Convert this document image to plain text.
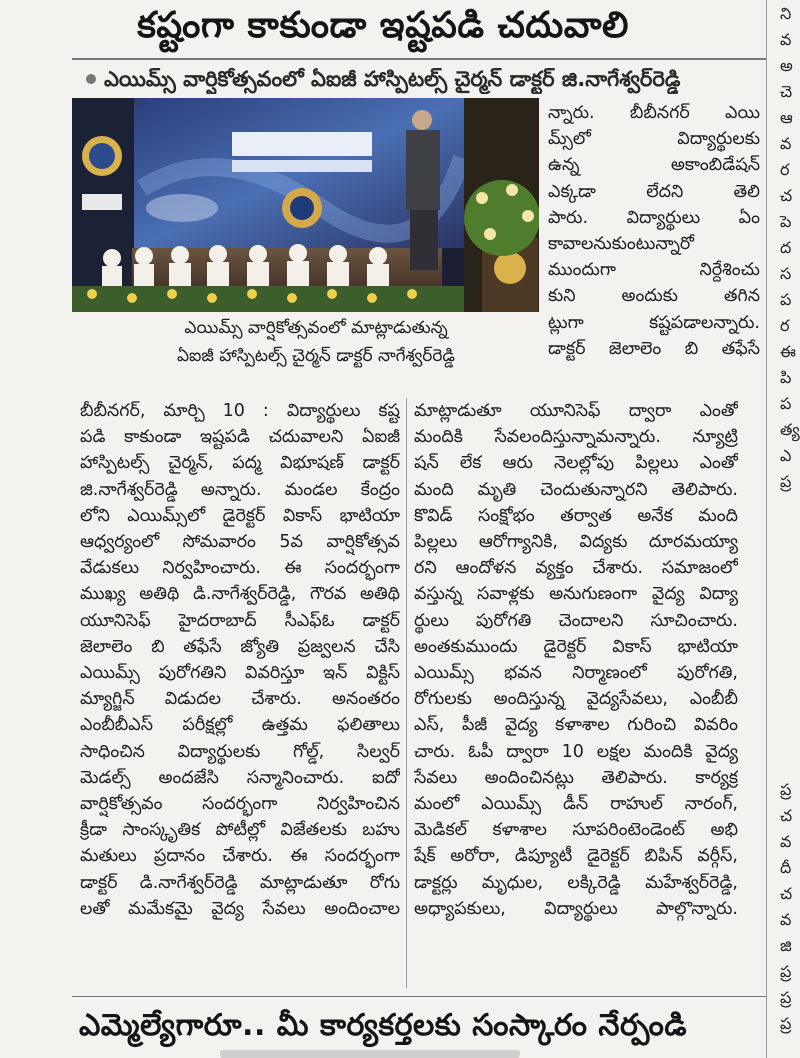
కష్టంగా కాకుండా ఇష్టపడి చదువాలి
ఎయిమ్స్ వార్షికోత్సవంలో ఏఐజీ హాస్పిటల్స్ చైర్మన్ డాక్టర్ జి.నాగేశ్వర్‌రెడ్డి
ఎయిమ్స్ వార్షికోత్సవంలో మాట్లాడుతున్న
ఏఐజీ హాస్పిటల్స్ చైర్మన్ డాక్టర్ నాగేశ్వర్‌రెడ్డి
న్నారు. బీబీనగర్ ఎయి
మ్స్‌లో విద్యార్థులకు
ఉన్న అకాంబిడేషన్
ఎక్కడా లేదని తెలి
పారు. విద్యార్థులు ఏం
కావాలనుకుంటున్నారో
ముందుగా నిర్దేశించు
కుని అందుకు తగిన
ట్లుగా కష్టపడాలన్నారు.
డాక్టర్ జెలాలెం బి తఫేసే
బీబీనగర్, మార్చి 10 : విద్యార్థులు కష్ట
పడి కాకుండా ఇష్టపడి చదువాలని ఏఐజీ
హాస్పిటల్స్ చైర్మన్, పద్మ విభూషణ్ డాక్టర్
జి.నాగేశ్వర్‌రెడ్డి అన్నారు. మండల కేంద్రం
లోని ఎయిమ్స్‌లో డైరెక్టర్ వికాస్ భాటియా
ఆధ్వర్యంలో సోమవారం 5వ వార్షికోత్సవ
వేడుకలు నిర్వహించారు. ఈ సందర్భంగా
ముఖ్య అతిథి డి.నాగేశ్వర్‌రెడ్డి, గౌరవ అతిథి
యూనిసెఫ్ హైదరాబాద్ సీఎఫ్ఓ డాక్టర్
జెలాలెం బి తఫేసే జ్యోతి ప్రజ్వలన చేసి
ఎయిమ్స్ పురోగతిని వివరిస్తూ ఇన్ విక్టిస్
మ్యాగ్జిన్ విడుదల చేశారు. అనంతరం
ఎంబీబీఎస్ పరీక్షల్లో ఉత్తమ ఫలితాలు
సాధించిన విద్యార్థులకు గోల్డ్, సిల్వర్
మెడల్స్ అందజేసి సన్మానించారు. ఐదో
వార్షికోత్సవం సందర్భంగా నిర్వహించిన
క్రీడా సాంస్కృతిక పోటీల్లో విజేతలకు బహు
మతులు ప్రదానం చేశారు. ఈ సందర్భంగా
డాక్టర్ డి.నాగేశ్వర్‌రెడ్డి మాట్లాడుతూ రోగు
లతో మమేకమై వైద్య సేవలు అందించాల
మాట్లాడుతూ యూనిసెఫ్ ద్వారా ఎంతో
మందికి సేవలందిస్తున్నామన్నారు. న్యూట్రి
షన్ లేక ఆరు నెలల్లోపు పిల్లలు ఎంతో
మంది మృతి చెందుతున్నారని తెలిపారు.
కొవిడ్ సంక్షోభం తర్వాత అనేక మంది
పిల్లలు ఆరోగ్యానికి, విద్యకు దూరమయ్యా
రని ఆందోళన వ్యక్తం చేశారు. సమాజంలో
వస్తున్న సవాళ్లకు అనుగుణంగా వైద్య విద్యా
ర్థులు పురోగతి చెందాలని సూచించారు.
అంతకుముందు డైరెక్టర్ వికాస్ భాటియా
ఎయిమ్స్ భవన నిర్మాణంలో పురోగతి,
రోగులకు అందిస్తున్న వైద్యసేవలు, ఎంబీబీ
ఎస్, పీజీ వైద్య కళాశాల గురించి వివరిం
చారు. ఓపీ ద్వారా 10 లక్షల మందికి వైద్య
సేవలు అందించినట్లు తెలిపారు. కార్యక్ర
మంలో ఎయిమ్స్ డీన్ రాహుల్ నారంగ్,
మెడికల్ కళాశాల సూపరింటెండెంట్ అభి
షేక్ అరోరా, డిప్యూటీ డైరెక్టర్ బిపిన్ వర్గీస్,
డాక్టర్లు మృధుల, లక్కిరెడ్డి మహేశ్వర్‌రెడ్డి,
అధ్యాపకులు, విద్యార్థులు పాల్గొన్నారు.
ఎమ్మెల్యేగారూ.. మీ కార్యకర్తలకు సంస్కారం నేర్పండి
ని
వ
అ
చె
ఆ
వ
ర
చ
పె
ద
స
ప
ర
ఈ
పి
ప
త్య
ఎ
ప్ర
ప్ర
చ
వ
దీ
చ
వ
జి
ప్ర
ప్ర
ప్ర
